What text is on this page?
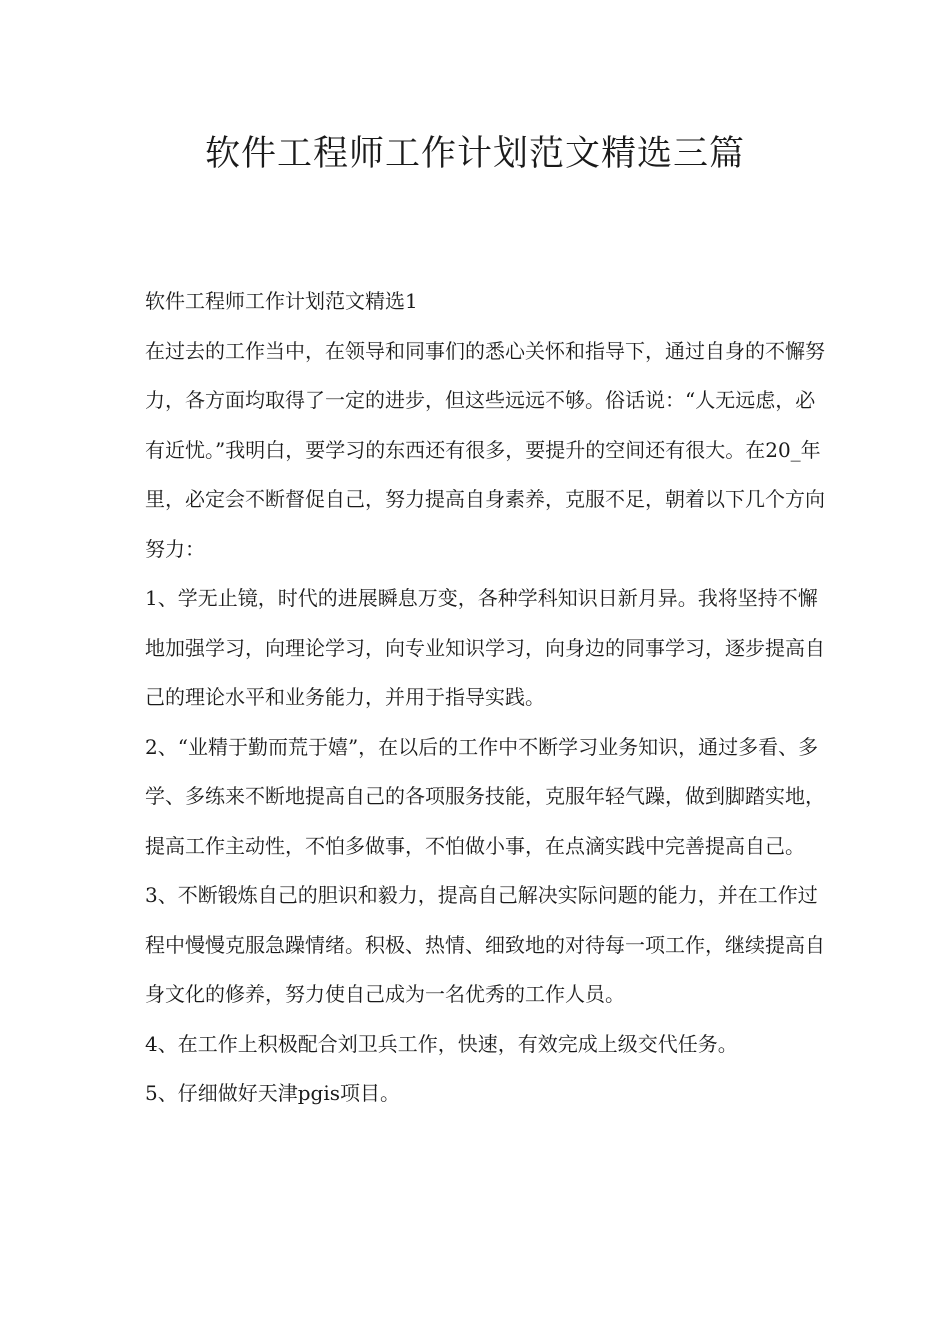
软件工程师工作计划范文精选三篇

软件工程师工作计划范文精选1

在过去的工作当中，在领导和同事们的悉心关怀和指导下，通过自身的不懈努力，各方面均取得了一定的进步，但这些远远不够。俗话说：“人无远虑，必有近忧。”我明白，要学习的东西还有很多，要提升的空间还有很大。在20_年里，必定会不断督促自己，努力提高自身素养，克服不足，朝着以下几个方向努力：

1、学无止镜，时代的进展瞬息万变，各种学科知识日新月异。我将坚持不懈地加强学习，向理论学习，向专业知识学习，向身边的同事学习，逐步提高自己的理论水平和业务能力，并用于指导实践。

2、“业精于勤而荒于嬉”，在以后的工作中不断学习业务知识，通过多看、多学、多练来不断地提高自己的各项服务技能，克服年轻气躁，做到脚踏实地，提高工作主动性，不怕多做事，不怕做小事，在点滴实践中完善提高自己。

3、不断锻炼自己的胆识和毅力，提高自己解决实际问题的能力，并在工作过程中慢慢克服急躁情绪。积极、热情、细致地的对待每一项工作，继续提高自身文化的修养，努力使自己成为一名优秀的工作人员。

4、在工作上积极配合刘卫兵工作，快速，有效完成上级交代任务。

5、仔细做好天津pgis项目。
